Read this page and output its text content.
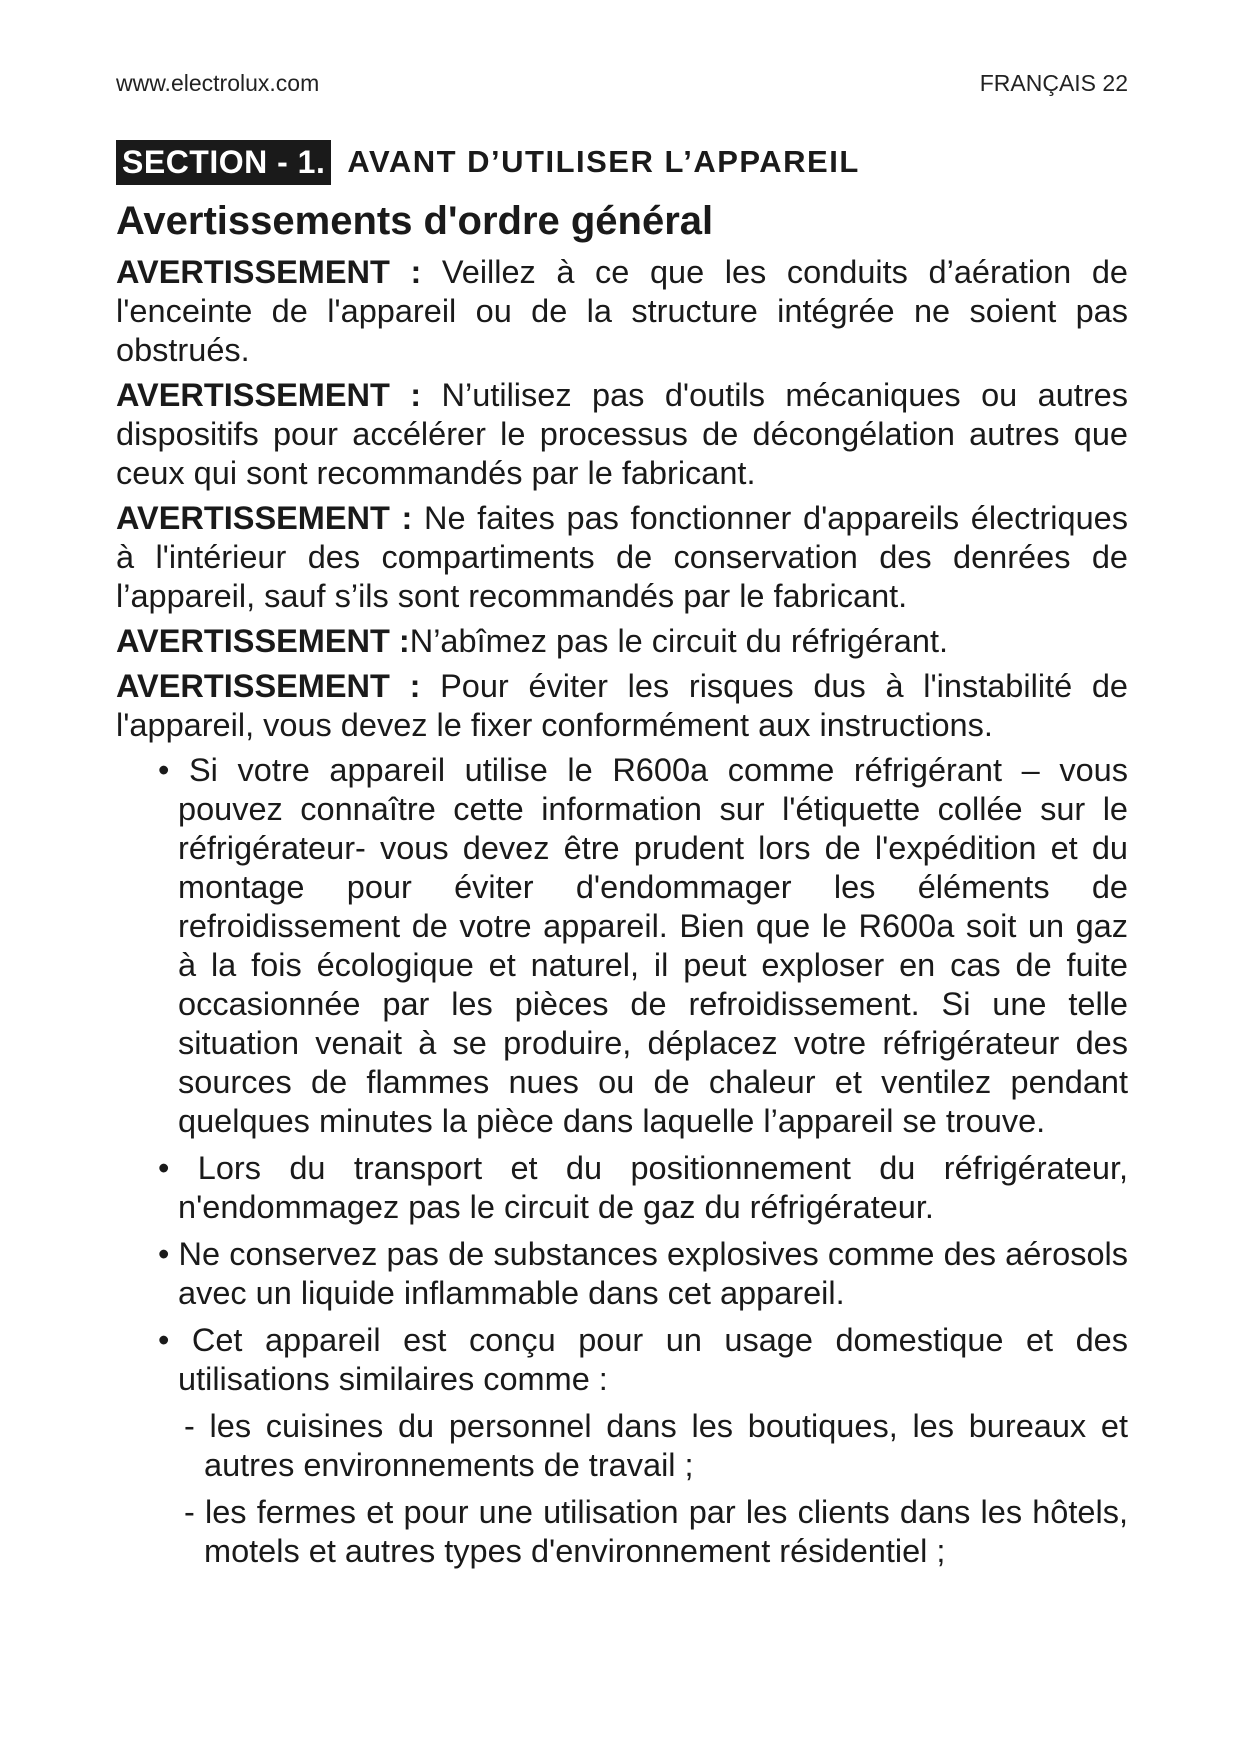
www.electrolux.com	FRANÇAIS 22
SECTION - 1. AVANT D’UTILISER L’APPAREIL
Avertissements d'ordre général
AVERTISSEMENT : Veillez à ce que les conduits d’aération de l'enceinte de l'appareil ou de la structure intégrée ne soient pas obstrués.
AVERTISSEMENT : N’utilisez pas d'outils mécaniques ou autres dispositifs pour accélérer le processus de décongélation autres que ceux qui sont recommandés par le fabricant.
AVERTISSEMENT : Ne faites pas fonctionner d'appareils électriques à l'intérieur des compartiments de conservation des denrées de l’appareil, sauf s’ils sont recommandés par le fabricant.
AVERTISSEMENT :N’abîmez pas le circuit du réfrigérant.
AVERTISSEMENT : Pour éviter les risques dus à l'instabilité de l'appareil, vous devez le fixer conformément aux instructions.
• Si votre appareil utilise le R600a comme réfrigérant – vous pouvez connaître cette information sur l'étiquette collée sur le réfrigérateur- vous devez être prudent lors de l'expédition et du montage pour éviter d'endommager les éléments de refroidissement de votre appareil. Bien que le R600a soit un gaz à la fois écologique et naturel, il peut exploser en cas de fuite occasionnée par les pièces de refroidissement. Si une telle situation venait à se produire, déplacez votre réfrigérateur des sources de flammes nues ou de chaleur et ventilez pendant quelques minutes la pièce dans laquelle l’appareil se trouve.
• Lors du transport et du positionnement du réfrigérateur, n'endommagez pas le circuit de gaz du réfrigérateur.
• Ne conservez pas de substances explosives comme des aérosols avec un liquide inflammable dans cet appareil.
• Cet appareil est conçu pour un usage domestique et des utilisations similaires comme :
- les cuisines du personnel dans les boutiques, les bureaux et autres environnements de travail ;
- les fermes et pour une utilisation par les clients dans les hôtels, motels et autres types d'environnement résidentiel ;
